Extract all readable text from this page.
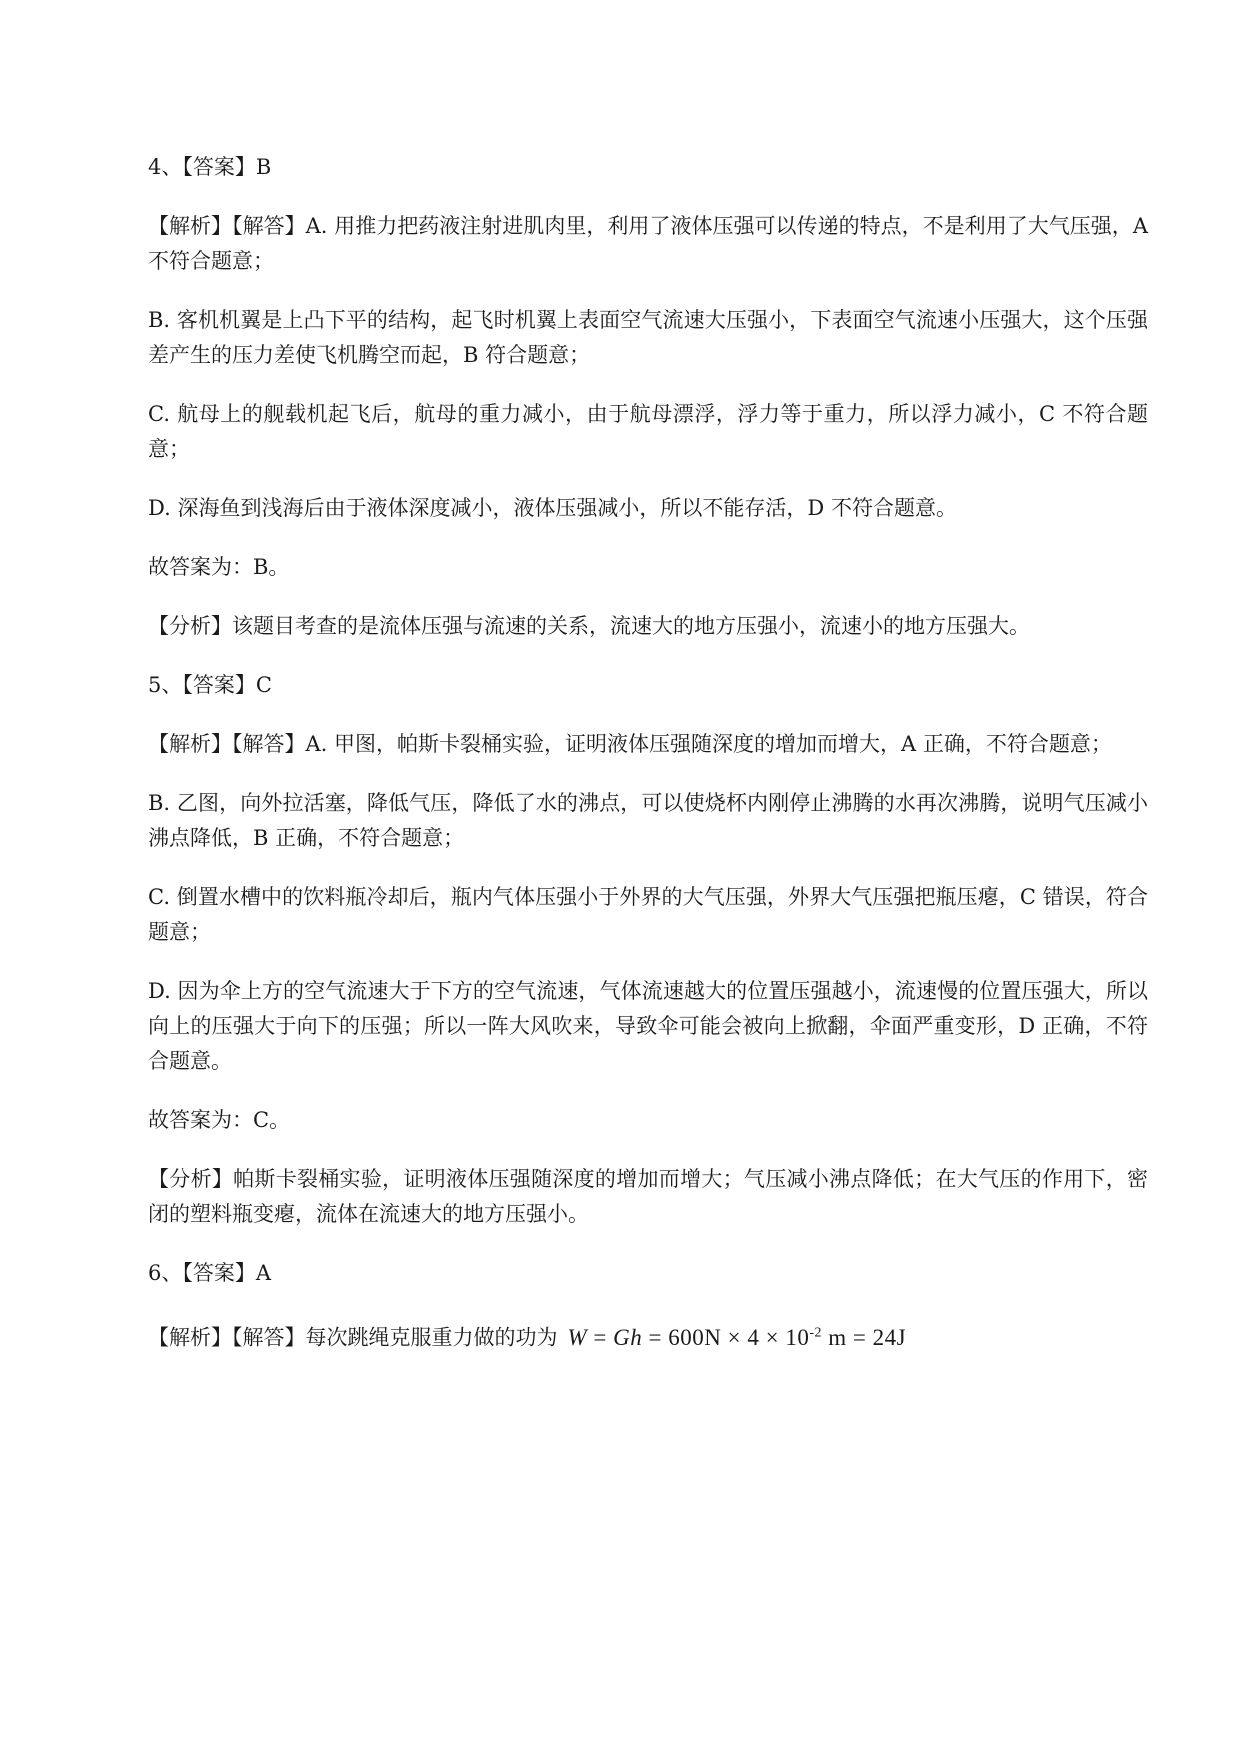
4、【答案】B

【解析】【解答】A. 用推力把药液注射进肌肉里，利用了液体压强可以传递的特点，不是利用了大气压强，A 不符合题意；

B. 客机机翼是上凸下平的结构，起飞时机翼上表面空气流速大压强小，下表面空气流速小压强大，这个压强差产生的压力差使飞机腾空而起，B 符合题意；

C. 航母上的舰载机起飞后，航母的重力减小，由于航母漂浮，浮力等于重力，所以浮力减小，C 不符合题意；

D. 深海鱼到浅海后由于液体深度减小，液体压强减小，所以不能存活，D 不符合题意。

故答案为：B。

【分析】该题目考查的是流体压强与流速的关系，流速大的地方压强小，流速小的地方压强大。

5、【答案】C

【解析】【解答】A. 甲图，帕斯卡裂桶实验，证明液体压强随深度的增加而增大，A 正确，不符合题意；

B. 乙图，向外拉活塞，降低气压，降低了水的沸点，可以使烧杯内刚停止沸腾的水再次沸腾，说明气压减小沸点降低，B 正确，不符合题意；

C. 倒置水槽中的饮料瓶冷却后，瓶内气体压强小于外界的大气压强，外界大气压强把瓶压瘪，C 错误，符合题意；

D. 因为伞上方的空气流速大于下方的空气流速，气体流速越大的位置压强越小，流速慢的位置压强大，所以向上的压强大于向下的压强；所以一阵大风吹来，导致伞可能会被向上掀翻，伞面严重变形，D 正确，不符合题意。

故答案为：C。

【分析】帕斯卡裂桶实验，证明液体压强随深度的增加而增大；气压减小沸点降低；在大气压的作用下，密闭的塑料瓶变瘪，流体在流速大的地方压强小。

6、【答案】A

【解析】【解答】每次跳绳克服重力做的功为 $W = Gh = 600N \times 4 \times 10^{-2}$ m = 24J
